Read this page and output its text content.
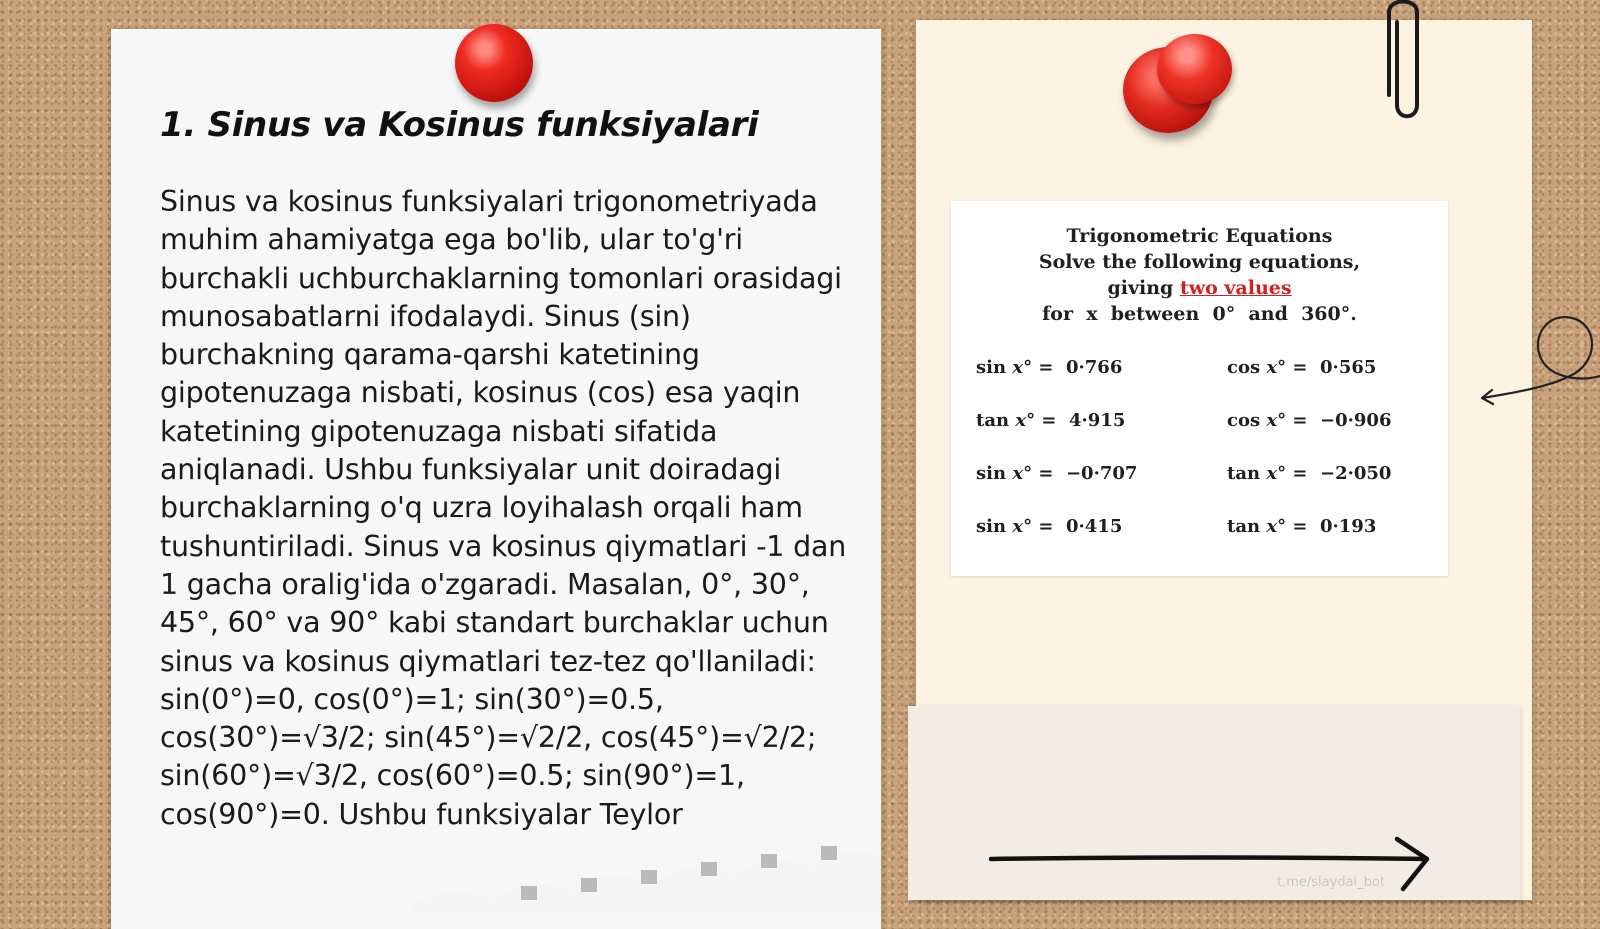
1. Sinus va Kosinus funksiyalari

Sinus va kosinus funksiyalari trigonometriyada muhim ahamiyatga ega bo'lib, ular to'g'ri burchakli uchburchaklarning tomonlari orasidagi munosabatlarni ifodalaydi. Sinus (sin) burchakning qarama-qarshi katetining gipotenuzaga nisbati, kosinus (cos) esa yaqin katetining gipotenuzaga nisbati sifatida aniqlanadi. Ushbu funksiyalar unit doiradagi burchaklarning o'q uzra loyihalash orqali ham tushuntiriladi. Sinus va kosinus qiymatlari -1 dan 1 gacha oralig'ida o'zgaradi. Masalan, 0°, 30°, 45°, 60° va 90° kabi standart burchaklar uchun sinus va kosinus qiymatlari tez-tez qo'llaniladi: sin(0°)=0, cos(0°)=1; sin(30°)=0.5, cos(30°)=√3/2; sin(45°)=√2/2, cos(45°)=√2/2; sin(60°)=√3/2, cos(60°)=0.5; sin(90°)=1, cos(90°)=0. Ushbu funksiyalar Teylor

Trigonometric Equations
Solve the following equations,
giving two values
for  x  between  0°  and  360°.
sin x° =  0·766	cos x° =  0·565
tan x° =  4·915	cos x° =  −0·906
sin x° =  −0·707	tan x° =  −2·050
sin x° =  0·415	tan x° =  0·193
t.me/slaydai_bot
